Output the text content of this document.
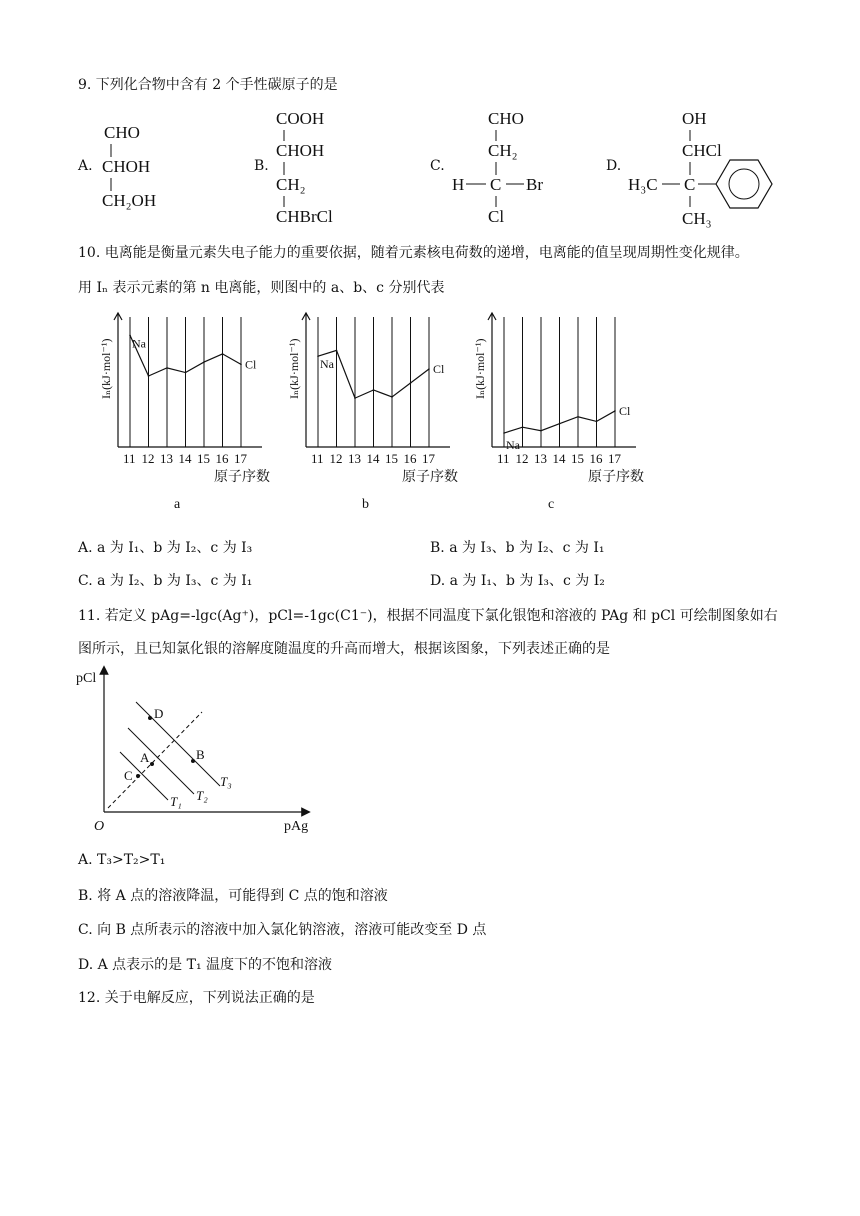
9. 下列化合物中含有 2 个手性碳原子的是
A.
CHO
CHOH
CH₂OH
B.
COOH
CHOH
CH₂
CHBrCl
C.
CHO
CH₂
H C Br
Cl
D.
OH
CHCl
H₃C C
CH₃
10. 电离能是衡量元素失电子能力的重要依据，随着元素核电荷数的递增，电离能的值呈现周期性变化规律。
用 Iₙ 表示元素的第 n 电离能，则图中的 a、b、c 分别代表
Iₙ(kJ·mol⁻¹)
11 12 13 14 15 16 17
Na
Cl
原子序数
a
Iₙ(kJ·mol⁻¹)
11 12 13 14 15 16 17
Na	Cl
原子序数
b
Iₙ(kJ·mol⁻¹)
11 12 13 14 15 16 17
Na
Cl
原子序数
c
A. a 为 I₁、b 为 I₂、c 为 I₃	B. a 为 I₃、b 为 I₂、c 为 I₁
C. a 为 I₂、b 为 I₃、c 为 I₁	D. a 为 I₁、b 为 I₃、c 为 I₂
11. 若定义 pAg=-lgc(Ag⁺)，pCl=-1gc(C1⁻)，根据不同温度下氯化银饱和溶液的 PAg 和 pCl 可绘制图象如右
图所示，且已知氯化银的溶解度随温度的升高而增大，根据该图象，下列表述正确的是
pCl
pAg
O
T₁ T₂
T₃
D
A	B
C
A. T₃>T₂>T₁
B. 将 A 点的溶液降温，可能得到 C 点的饱和溶液
C. 向 B 点所表示的溶液中加入氯化钠溶液，溶液可能改变至 D 点
D. A 点表示的是 T₁ 温度下的不饱和溶液
12. 关于电解反应，下列说法正确的是
